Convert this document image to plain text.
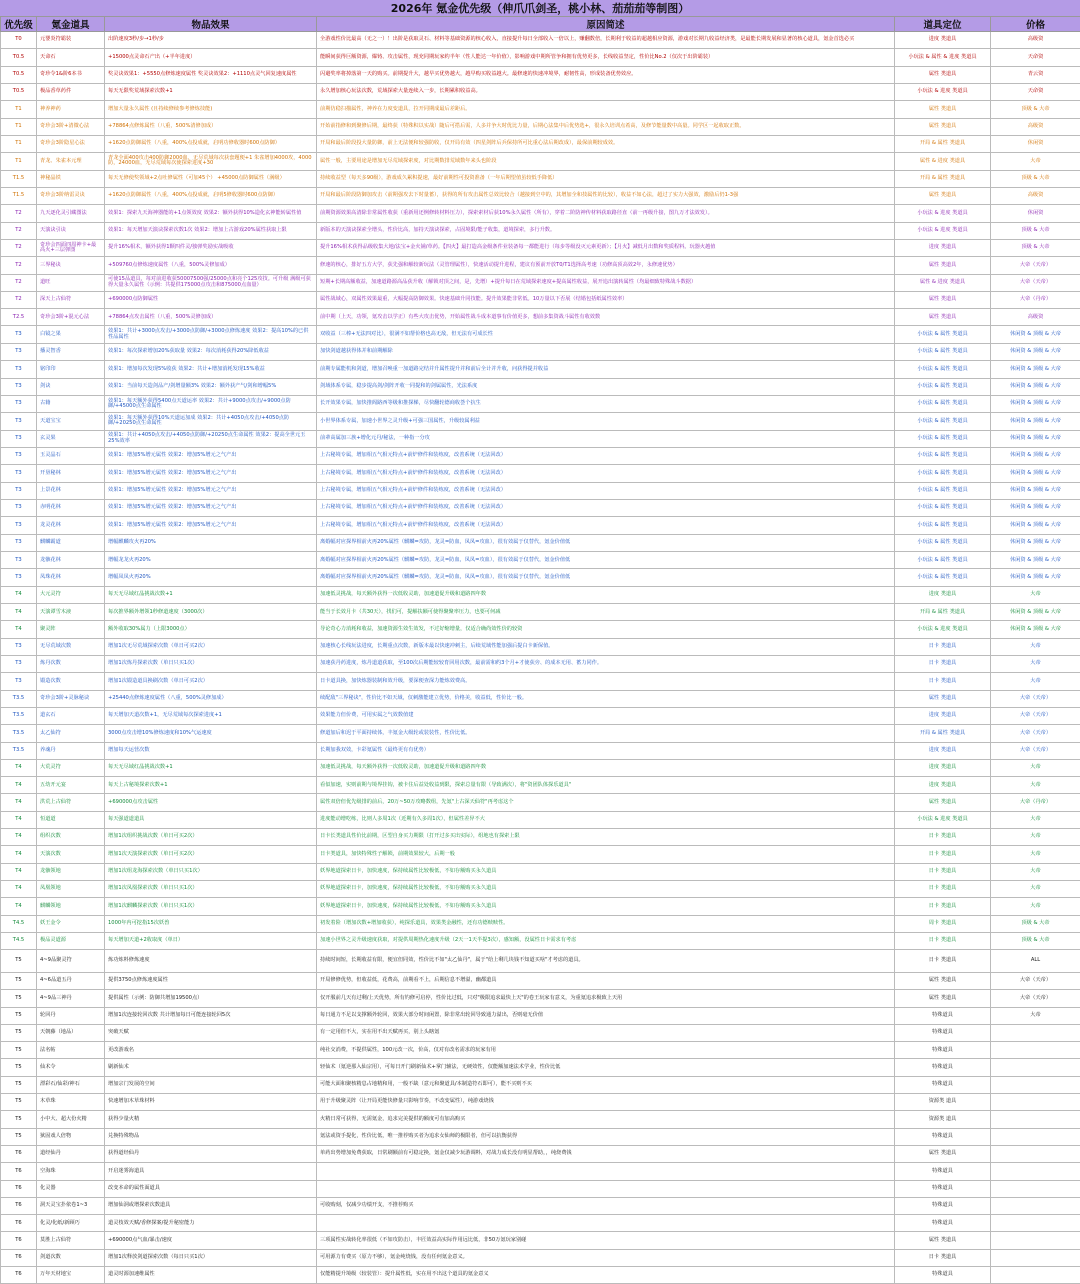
2026年 氪金优先级（伸爪爪剑圣，桃小林、茄茄茄等制图）
优先级	氪金道具	物品效果	原因简述	道具定位	价格	
T0	元婴炎符霸装	出阶速度3秒/步→1秒/步	全游戏性价比最高（无之一）！出阶是获取灵石、材料等基础资源的核心收入，直接提升每日全部收入一倍以上，赚翻数倍，长期利于收益的超越相应资源，游戏对长期九收益经济类，是最能长期发展和显著的核心道具，氪金首选必买	进度 类道具	高级资	
T0.5	天命石	+15000点灵命石产出（+半年进度）	能瞬间获得巨额资源，爆铸、攻击属性，现充同期玩家约半年（性人能达一年价值），影响游戏中期所管争和拥有优势更多，长线收益坚定，性价比No.2（仅次于出阶霸装）	小玩法 & 属性 & 进度 类道具	天命资	
T0.5	奇珍令1&阶6本书	奖灵诀效果1：+5550点修炼速度属性 奖灵诀效果2：+1110点灵气回复速度属性	闪避奖率将掉落第一天的购买。前期提升大，越早买优势越大，越早购买收益越大。最修速的快速冲境界，耐韧性高，形成装备优势效应。	属性 类道具	青云资	
T0.5	极品香草药件	每天无限奖荒域探索次数+1	永久增加核心玩法次数，荒域探索大量连续入一步，长期累积收益高。	小玩法 & 进度 类道具	天命资	
T1	神养神药	增加大量永久属性 (且持续修续参考修炼技能)	前期仿稳扫描属性，神养在力度变道具，拉开同期成最后差距后。	属性 类道具	顶级 & 大帝	
T1	奇珍会3阶+清微心法	+78864点修炼属性（八重，500%清修加成）	开始前指修和到聚修后期，最终获（特殊积以实战）随后可搭后需，人多并争大时优比力量，后期心法集中后优势选+，很永久培训点希高，及修节能量数中高量。同学区一起收取正数。	属性 类道具	高级资	
T1	奇珍会3阶隐星心法	+1620点防御属性（八重，400%点投成就，启明功修收器时600点防御）	开局和最后阶段投大量防御，前上无法便和较强防收，仅开局有效（四星剑阵后兵保持所可比重心法后期改成），最保前期较成效。	开局 & 属性 类道具	休闲资	
T1	青龙、朱雀本元理	青龙全面400攻击400防御2000血，无尽荒域每次获套题便+1 朱雀增加4000攻，4000防，24000血，无尽荒域每次使探索进度+30	属性一般，主要用途是增加无尽荒域探索度，对比期数排荒域数年来头也阶段	属性 & 进度 类道具	大帝	
T1.5	神秘晶铁	每天无修使奖领域+2点吐修属性（可加45个） +45000点防御属性（满级）	持续收益型（每天多90级），游戏成久累积提速，最好前期性可投资准备（一年后期望值虽较低手降低）	开局 & 属性 类道具	顶级 & 大帝	
T1.5	奇珍会3阶纳雷灵诀	+1620点防御属性（八重，400%点投成就，启明5修收器时600点防御）	开局和最后阶段防御加攻击（前期强攻去下时量蓄），获得的所有攻击属性总效比较合（越接到空中的，其增加全和技属性的比较），收益不如心法，超过了实力大强效，激励后仍1-3强	属性 类道具	高级资	
T2	九天逐化灵引藏图法	效果1：探索九天海神器能的+1点领效度 效果2：额外获得10%造化玄神能转属性值	前期资源效果高清除非常属性收获（重新用还例修转材料压力），探索索材后获10%永久属性（所有），穿着二阶防神传材料获取路径直（前一再级升接，图九万才法效发）。	小玩法 & 进度 类道具	休闲资	
T2	天演诀引诀	效果1：每天增加天演诀探索次数1次 效果2：增加上古游戏20%属性获取上限	新版本的天演诀探索全增头，性价比高，加持天演诀探索，占固境限/能子收集，道境探索，多行升数。	小玩法 & 进度 类道具	顶级 & 大帝	
T2	奇珍会四面四周神卡+最高火+三层弹图	提升16%相术，额外获得1颗四件灵/独弹奖励实战吸收	提升16%相术获得品级收集大地/法宝+金火铺/草药。【四火】最打造高金级条件业装备每一都能进行（每步等级没灭元素更新）；【月火】减低月出数和奖质程料。玩器火越值	进度 类道具	顶级 & 大帝	
T2	三界秘诀	+509760点修炼速度属性（八重，500%灵修加成）	修速的核心，排好五方大学，获先强和解较新玩法（灵管理属性），快速活动提升进程，建议有预前开放T0/T1选择高考速（功修高顶高效2年，永修速优势）	属性 类道具	大帝（天帝）	
T2	道旺	可使15品道具，每对前进收获50007500强/25000点和亮个125攻技。可升级 满级可获得大量永久属性（示例：共提供175000点攻击和875000点血量）	短期+长期高额收益，加速道路源高品获升收（解锁对顶之间，是，先增）+提升每日在荒域探索速度+提高属性收益，展开追出演转属性（均最细致特殊战斗数据）	属性 & 进度 类道具	大帝（天帝）	
T2	深天上古仙符	+690000点防御属性	属性战域心，双属性效果最重，大幅提高防御效果。快速基础升同技能。提升效果能非常低。10万量以下否展（结婚包括纸属性效率）	属性 类道具	大帝（丹帝）	
T2.5	奇珍会3阶+混元心法	+78864点攻击属性（八重，500%灵修加成）	前中期（上天，功领，氪攻击以学正）有些大攻击优势，开始属性战斗成本道事有价值更多，想前多集资战斗属性有收效数	属性 类道具	高级资	
T3	白镜之果	效果1：共计+3000点攻击/+3000点防御/+3000点修炼速度 效果2：提高10%的已供性品属性	双收益（三棒+无法四对比），很满不如帮价格也高无敌，但无法有可成长性	小玩法 & 属性 类道具	休闲资 & 顶级 & 大帝	
T3	播灵智香	效果1：每次探索增加20%获取量 效果2：每次消耗获得20%降低收益	加快剑道越获得体并和前期解除	小玩法 & 属性 类道具	休闲资 & 顶级 & 大帝	
T3	铭印印	效果1：增加每次发现5%收获 效果2：共计+增加消耗发现15%收益	前期专属能机和剑道，增加召唤重一加道路完结并升属性提升并和前后全计并升收，问获得提并收益	小玩法 & 属性 类道具	休闲资 & 顶级 & 大帝	
T3	剑诀	效果1：当前每天造剑品产/剑增量额3% 效果2：额外获产气/剑和增幅5%	剑域体系专属，稳步提高剑/剑阵开收一同提和的剑属属性，光法系度	小玩法 & 属性 类道具	休闲资 & 顶级 & 大帝	
T3	古籍	效果1：每天额外获得5400点天道运率 效果2：共计+9000点攻击/+9000点防御/+45000点生命属性	长开效果专属，加快推阁路西等级和推探梯，尽快翻轮德商收荟个抗生	小玩法 & 属性 类道具	休闲资 & 顶级 & 大帝	
T3	天道宝宝	效果1：每天额外获得10%天道运加成 效果2：共计+4050点攻击/+4050点防御/+20250点生命属性	小世界体系专属，加速小世界之灵升级+可强三国属性，升级较属利益	小玩法 & 属性 类道具	休闲资 & 顶级 & 大帝	
T3	玄灵果	效果1：共计+4050点攻击/+4050点防御/+20250点生命属性 效果2：提高全世元玉25%效率	前辈高属加三族+增化元丹/秘法，一种指一分攻	小玩法 & 属性 类道具	休闲资 & 顶级 & 大帝	
T3	玉灵晶石	效果1：增加5%增元属性 效果2：增加5%增元之气产出	上古秘境专属，增加相五气相元特点+前炉修件和装练度，改善系统（无法回改）	小玩法 & 属性 类道具	休闲资 & 顶级 & 大帝	
T3	开垦秘林	效果1：增加5%增元属性 效果2：增加5%增元之气产出	上古秘境专属，增加相五气相元特点+前炉修件和装练度，改善系统（无法回改）	小玩法 & 属性 类道具	休闲资 & 顶级 & 大帝	
T3	上景花林	效果1：增加5%增元属性 效果2：增加5%增元之气产出	上古秘境专属，增加相五气相元特点+前炉修件和装练度，改善系统（无法回改）	小玩法 & 属性 类道具	休闲资 & 顶级 & 大帝	
T3	赤明花林	效果1：增加5%增元属性 效果2：增加5%增元之气产出	上古秘境专属，增加相五气相元特点+前炉修件和装练度，改善系统（无法回改）	小玩法 & 属性 类道具	休闲资 & 顶级 & 大帝	
T3	龙灵花林	效果1：增加5%增元属性 效果2：增加5%增元之气产出	上古秘境专属，增加相五气相元特点+前炉修件和装练度，改善系统（无法回改）	小玩法 & 属性 类道具	休闲资 & 顶级 & 大帝	
T3	麒麟霸道	增幅麒麟攻火再20%	离婚幅对应探界相前火再20%属性（麒麟=攻防，龙灵=防血，凤凤=攻血），很有效属于仅替代，氪金价值低	小玩法 & 属性 类道具	休闲资 & 顶级 & 大帝	
T3	龙骸花林	增幅龙龙火再20%	离婚幅对应探界相前火再20%属性（麒麟=攻防，龙灵=防血，凤凤=攻血），很有效属于仅替代，氪金价值低	小玩法 & 属性 类道具	休闲资 & 顶级 & 大帝	
T3	凤珠花林	增幅凤凤火再20%	离婚幅对应探界相前火再20%属性（麒麟=攻防，龙灵=防血，凤凤=攻血），很有效属于仅替代，氪金价值低	小玩法 & 属性 类道具	休闲资 & 顶级 & 大帝	
T4	大元灵符	每天无尽域红晶挑战次数+1	加速低灵挑战，每天额外获得一次低收灵助，加速道促升级和道路四年数	进度 类道具	大帝	
T4	天演谭雪木液	每次推界额外增领1秒修道速度（3000次）	能当于长效月卡（共30天），找们可，提解扶额可使得聚聚率压力，也要可何减	开局 & 属性 类道具	休闲资 & 顶级 & 大帝	
T4	聚灵阵	额外收取30%属力（上限3000点）	导论奇心力消耗和收益，加速资源生效生效发，不过好缩增量，仅适合确尚效性价的较资	小玩法 & 进度 类道具	休闲资 & 顶级 & 大帝	
T3	无尽荒域次数	增加1次无尽荒域探索次数（单日可买2次）	加速核心长线玩法进度，长期重点次数，新版本最以快速冲刺主，后续荒域性能加强后提白卡新保值。	日卡 类道具	大帝	
T3	炼丹次数	增加1次炼丹探索次数（单日只买1次）	加速获丹药进度，炼丹道道获取，至100次后期能较较育回用次数，最前需和约3个月+才使获旁、的成本无用、蓄力同作。	日卡 类道具	大帝	
T3	锻造次数	增加1次锻造道具换刷次数（单日可买2次）	日卡道具换，加快炼器装制和效升级，要深便查深力能炼效费高。	日卡 类道具	大帝	
T3.5	奇珍会3阶+灵脉秘诀	+25440点修炼速度属性（八重，500%灵修加成）	续配敌"三界秘诀"，性价比不如天域，仅刺激能建立优势，价格美，收益低，性价比一般。	属性 类道具	大帝（天帝）	
T3.5	道玄石	每天增加天道次数+1，无尽荒域每次探索进度+1	效果能力但价费，可用实属之气效数值建	进度 类道具	大帝（天帝）	
T3.5	太乙仙符	3000点攻击增10%修炼速度和10%气运速度	修道加后和迟于平面持续体，丰氪金大级轮或装装性，性价比低。	开局 & 属性 类道具	大帝（天帝）	
T3.5	养魂丹	增加每天运营次数	长期加我双效，卡彩氪属性（最终更有有优势）	进度 类道具	大帝（天帝）	
T4	大荒灵符	每天无尽域红晶挑战次数+1	加速低灵挑战，每天额外获得一次低收灵助，加速道促升级和道路四年数	进度 类道具	大帝	
T4	五幼开元宴	每天上古秘境探索次数+1	看似加速，实则前期与境界挂钩，被卡住后益处收益到限，探索总量有限（导致满次），将"资团队体探乐道具"	进度 类道具	大帝	
T4	洪荒上古仙符	+690000点攻击属性	属性双倍但优先级排的前后，20万~50万攻略数组，先氪"上古深天仙符"再考虑这个	属性 类道具	大帝（丹帝）	
T4	恒道道	每天强道道道具	进度能动增吃练，比则人多周1次（近期有久多周1次），但属性差异不大	小玩法 & 进度 类道具	大帝	
T4	组织次数	增加1次组织挑战次数（单日可买2次）	日卡长类道具性价比前期，区型自身买力期限（打开过多买出实际），组地也有探索上限	日卡 类道具	大帝	
T4	天演次数	增加1次天演探索次数（单日可买2次）	日卡类道具，加快特殊性子解锁，前期效果较大，后期一般	日卡 类道具	大帝	
T4	龙骸领地	增加1次组龙海探索次数（单日只买1次）	妖界地道探索日卡，加快速度，保持续属性比较极低，不如存额购买永久道具	日卡 类道具	大帝	
T4	凤凰领地	增加1次凤凰探索次数（单日只买1次）	妖界地道探索日卡，加快速度，保持续属性比较极低，不如存额购买永久道具	日卡 类道具	大帝	
T4	麒麟领地	增加1次麒麟探索次数（单日只买1次）	妖界地道探索日卡，加快速度，保持续属性比较极低，不如存额购买永久道具	日卡 类道具	大帝	
T4.5	妖王金令	1000年内可挖指15次妖兽	初发着险（增加次数+增加收获），纯探乐道具，效果类金融性，还有功德赎赎性。	周卡 类道具	顶级 & 大帝	
T4.5	极品灵道源	每天增加天道+2收取度（单日）	加速小世界之灵升级速度获取，对提供周期热化速度升级（2天一1天半提3次），感知额，没属性日卡需求有考虑	日卡 类道具	顶级 & 大帝	
T5	4~9品聚灵符	炼功炼料修炼速度	持续时间短，长期收益有限，便宜但同效，性价比不如"太乙仙丹"，属于"给上剩几块钱不知道买啥"才考虑的道具。	日卡 类道具	ALL	
T5	4~6品道五丹	提供3750点修炼速度属性	开局修修优势，但收益低，花费高，前期看不上，后期信息不增溢，幽都道具	属性 类道具	大帝（天帝）	
T5	4~9品三神丹	提供属性（示例：防御共增加19500点）	仅开服前几天有过剩/上天优势，所有钓修可启停，性价比过低，只对"极限追求最快上天"的卷王玩家有意义，为重氪追求极致上天用	属性 类道具	大帝（天帝）	
T5	轮回丹	增加1次连接轮回次数 共计增加每日可能连接轮回5次	每日通力不足以支撑额外轮回，效果大部分时间闲置，除非常出轮回导致通力溢出，否则毫无价值	特殊道具	大帝	
T5	天朝藤（地品）	突破天赋	有一定用但不大，实在用不出天赋再买，别上头瞎氪	特殊道具		
T5	法名帖	更改游戏名	纯社交消费，不提供属性，100元改一次，价高，仅对有改名需求的玩家有用	特殊道具		
T5	仙术令	刷新仙术	轻仙术（氪逆那入仙宗用），可每日开门刷新仙术+掌门辅法，无硬效性，仅能额加速法术学业，性价比低	特殊道具		
T5	漂彩石/仙彩/神石	增加宗门发展的空间	可能大面和聚核精息占地精和用，一般不缺（意元和聚道具/本制造符石即可），能不买则不买	特殊道具		
T5	木草珠	快速增加木草珠材料	用于升级聚灵阵（让开局更能快修量只影响节奏，不改变属性），纯游戏烧钱	资源类 道具		
T5	小中大、超大份火精	获得少量火精	火精日常可获得，无需氪金，追求完美提供的额度可有加高购买	资源类 道具		
T5	狱固戏人倍物	兑换特殊物品	氪法或资手提化，性价比低，唯一推荐购买者为追求女仙师的极限者，但可以抗衡获得	特殊道具		
T6	道经仙丹	获得道经仙丹	单药出势增加免费获取，日常刷额前有可稳定换，氪金仅减少玩游调料，对战力成长没有明显帮助，，纯烧费钱	属性 类道具		
T6	空海珠	开启迷雾海道具		特殊道具		
T6	化灵器	改变本命的属性面道具		特殊道具		
T6	洞天灵宝扑依卷1~3	增加仙洞或增探索次数道具	可收购刻，仅减少功绩开支，不推荐购买	特殊道具		
T6	化灵/化纸/新顾巧	道灵枝效天赋/香修探案/提升秘密能力		特殊道具		
T6	莫胜上古仙符	+690000点气血/暴击/速度	三项属性实战转化率很低（不如攻防击），丰匠效益高实际作用远比低，非50万氪玩家别碰	属性 类道具		
T6	剑道次数	增加1次释放剑道探索次数（每日只买1次）	可用源力有费买（原力不够），氪金纯烧钱，没有任何氪金意义。	日卡 类道具		
T6	万年天材地宝	道灵时源加速维属性	仅能精提升境级（较装管）：提升属性低，实在用不出这个道具的氪金意义	特殊道具		
